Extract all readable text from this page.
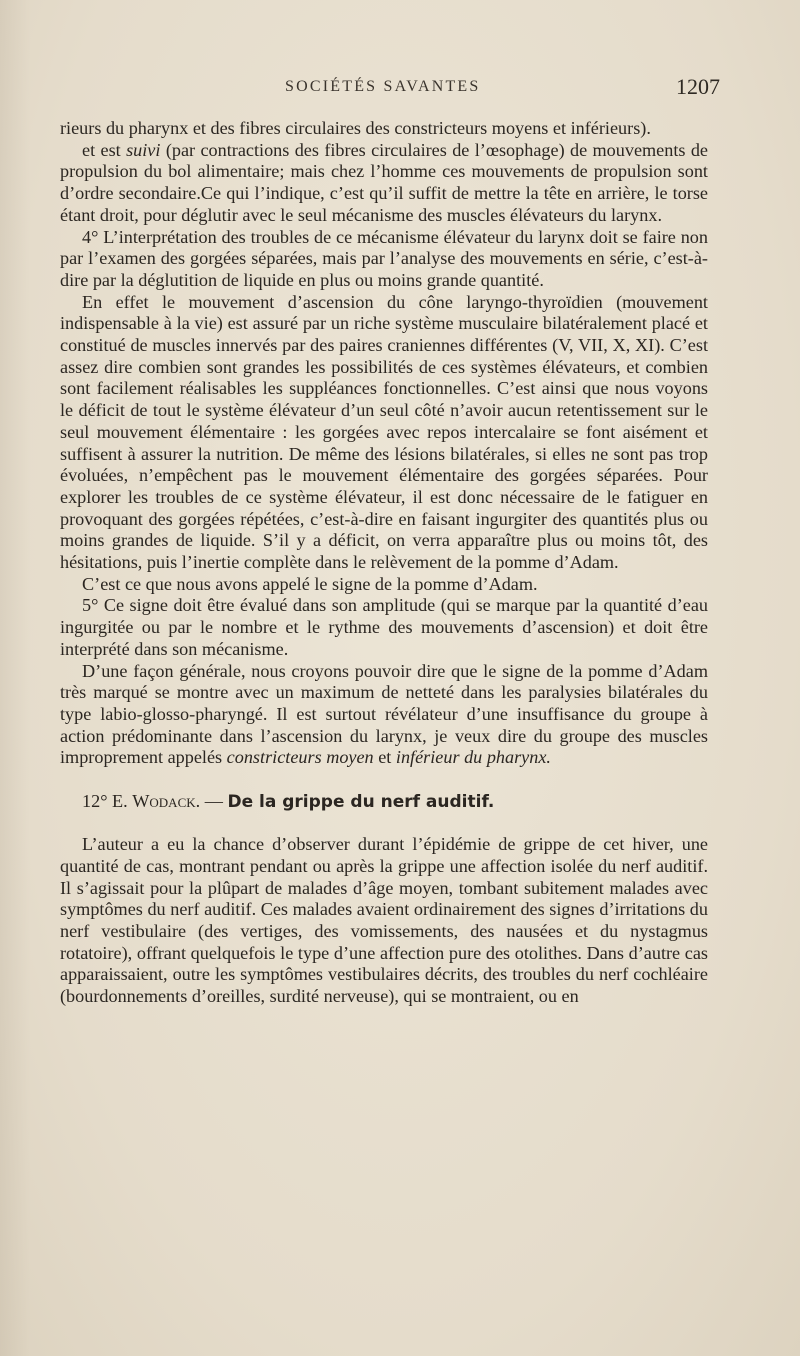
SOCIÉTÉS SAVANTES	1207

rieurs du pharynx et des fibres circulaires des constricteurs moyens et inférieurs).

et est suivi (par contractions des fibres circulaires de l’œsophage) de mouvements de propulsion du bol alimentaire; mais chez l’homme ces mouvements de propulsion sont d’ordre secondaire.Ce qui l’indique, c’est qu’il suffit de mettre la tête en arrière, le torse étant droit, pour déglutir avec le seul mécanisme des muscles élévateurs du larynx.

4° L’interprétation des troubles de ce mécanisme élévateur du larynx doit se faire non par l’examen des gorgées séparées, mais par l’analyse des mouvements en série, c’est-à-dire par la déglutition de liquide en plus ou moins grande quantité.

En effet le mouvement d’ascension du cône laryngo-thyroïdien (mouvement indispensable à la vie) est assuré par un riche système musculaire bilatéralement placé et constitué de muscles innervés par des paires craniennes différentes (V, VII, X, XI). C’est assez dire combien sont grandes les possibilités de ces systèmes élévateurs, et combien sont facilement réalisables les suppléances fonctionnelles. C’est ainsi que nous voyons le déficit de tout le système élévateur d’un seul côté n’avoir aucun retentissement sur le seul mouvement élémentaire : les gorgées avec repos intercalaire se font aisément et suffisent à assurer la nutrition. De même des lésions bilatérales, si elles ne sont pas trop évoluées, n’empêchent pas le mouvement élémentaire des gorgées séparées. Pour explorer les troubles de ce système élévateur, il est donc nécessaire de le fatiguer en provoquant des gorgées répétées, c’est-à-dire en faisant ingurgiter des quantités plus ou moins grandes de liquide. S’il y a déficit, on verra apparaître plus ou moins tôt, des hésitations, puis l’inertie complète dans le relèvement de la pomme d’Adam.

C’est ce que nous avons appelé le signe de la pomme d’Adam.

5° Ce signe doit être évalué dans son amplitude (qui se marque par la quantité d’eau ingurgitée ou par le nombre et le rythme des mouvements d’ascension) et doit être interprété dans son mécanisme.

D’une façon générale, nous croyons pouvoir dire que le signe de la pomme d’Adam très marqué se montre avec un maximum de netteté dans les paralysies bilatérales du type labio-glosso-pharyngé. Il est surtout révélateur d’une insuffisance du groupe à action prédominante dans l’ascension du larynx, je veux dire du groupe des muscles improprement appelés constricteurs moyen et inférieur du pharynx.

12° E. Wodack. — De la grippe du nerf auditif.

L’auteur a eu la chance d’observer durant l’épidémie de grippe de cet hiver, une quantité de cas, montrant pendant ou après la grippe une affection isolée du nerf auditif. Il s’agissait pour la plûpart de malades d’âge moyen, tombant subitement malades avec symptômes du nerf auditif. Ces malades avaient ordinairement des signes d’irritations du nerf vestibulaire (des vertiges, des vomissements, des nausées et du nystagmus rotatoire), offrant quelquefois le type d’une affection pure des otolithes. Dans d’autre cas apparaissaient, outre les symptômes vestibulaires décrits, des troubles du nerf cochléaire (bourdonnements d’oreilles, surdité nerveuse), qui se montraient, ou en
